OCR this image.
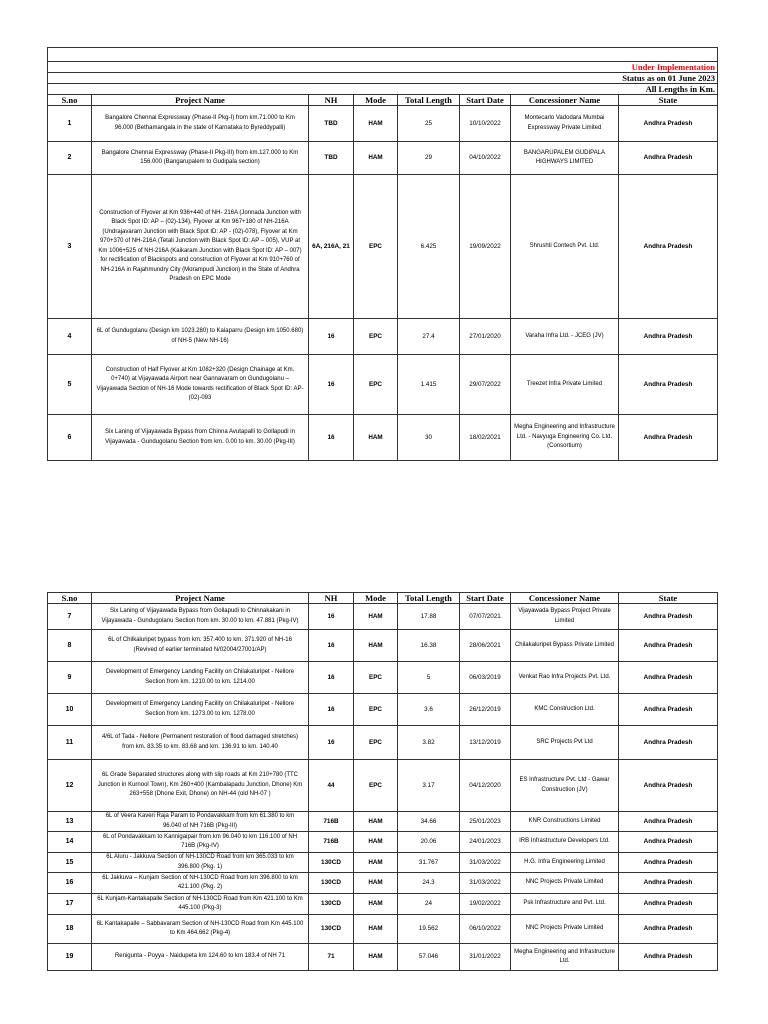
Under Implementation							
Status as on 01 June 2023							
All Lengths in Km.							
S.no	Project Name	NH	Mode	Total Length	Start Date	Concessioner Name	State
1	Bangalore Chennai Expressway (Phase-II Pkg-I) from km.71.000 to Km 96.000 (Bethamangala in the state of Karnataka to Byreddypalli)	TBD	HAM	25	10/10/2022	Montecarlo Vadodara Mumbai Expressway Private Limited	Andhra Pradesh
2	Bangalore Chennai Expressway (Phase-II Pkg-III) from km.127.000 to Km 156.000 (Bangarupalem to Gudipala section)	TBD	HAM	29	04/10/2022	BANGARUPALEM GUDIPALA HIGHWAYS LIMITED	Andhra Pradesh
3	Construction of Flyover at Km 936+440 of NH- 216A (Jonnada Junction with Black Spot ID: AP – (02)-134), Flyover at Km 967+180 of NH-216A (Undrajavaram Junction with Black Spot ID: AP - (02)-078), Flyover at Km 970+370 of NH-216A (Tetali Junction with Black Spot ID: AP – 005), VUP at Km 1006+525 of NH-216A (Kaikaram Junction with Black Spot ID: AP – 007) for rectification of Blackspots and construction of Flyover at Km 910+760 of NH-216A in Rajahmundry City (Morampudi Junction) in the State of Andhra Pradesh on EPC Mode	6A, 216A, 21	EPC	6.425	19/09/2022	Shrushti Contech Pvt. Ltd.	Andhra Pradesh
4	6L of Gundugolanu (Design km 1023.280) to Kalaparru (Design km 1050.680) of NH-5 (New NH-16)	16	EPC	27.4	27/01/2020	Varaha Infra Ltd. - JCEG (JV)	Andhra Pradesh
5	Construction of Half Flyover at Km 1082+320 (Design Chainage at Km. 0+740) at Vijayawada Airport near Gannavaram on Gundugolanu – Vijayawada Section of NH-16 Mode towards rectification of Black Spot ID: AP-(02)-093	16	EPC	1.415	29/07/2022	Treezet Infra Private Limited	Andhra Pradesh
6	Six Laning of Vijayawada Bypass from Chinna Avutapalli to Gollapudi in Vijayawada - Gundugolanu Section from km. 0.00 to km. 30.00 (Pkg-III)	16	HAM	30	18/02/2021	Megha Engineering and Infrastructure Ltd. - Navyuga Engineering Co. Ltd. (Consortium)	Andhra Pradesh
S.no	Project Name	NH	Mode	Total Length	Start Date	Concessioner Name	State
7	Six Laning of Vijayawada Bypass from Gollapudi to Chinnakakani in Vijayawada - Gundugolanu Section from km. 30.00 to km. 47.881 (Pkg-IV)	16	HAM	17.88	07/07/2021	Vijayawada Bypass Project Private Limited	Andhra Pradesh
8	6L of Chilkaluripet bypass from km. 357.400 to km. 371.920 of NH-16 (Revived of earlier terminated N/02004/27001/AP)	16	HAM	16.38	28/06/2021	Chilakaluripet Bypass Private Limited	Andhra Pradesh
9	Development of Emergency Landing Facility on Chilakaluripet - Nellore Section from km. 1210.00 to km. 1214.00	16	EPC	5	06/03/2019	Venkat Rao Infra Projects Pvt. Ltd.	Andhra Pradesh
10	Development of Emergency Landing Facility on Chilakaluripet - Nellore Section from km. 1273.00 to km. 1278.00	16	EPC	3.6	26/12/2019	KMC Construction Ltd.	Andhra Pradesh
11	4/6L of Tada - Nellore (Permanent restoration of flood damaged stretches) from km. 83.35 to km. 83.68 and km. 136.91 to km. 140.40	16	EPC	3.82	13/12/2019	SRC Projects Pvt Ltd	Andhra Pradesh
12	6L Grade Separated structures along with slip roads at Km 210+780 (TTC Junction in Kurnool Town), Km 260+400 (Kambalapadu Junction, Dhone) Km 263+558 (Dhone Exit, Dhone) on NH-44 (old NH-07 )	44	EPC	3.17	04/12/2020	ES Infrastructure Pvt. Ltd - Gawar Construction (JV)	Andhra Pradesh
13	6L of Veera Kaveri Raja Param to Pondavakkam from km 61.380 to km 96.040 of NH 716B (Pkg-III)	716B	HAM	34.66	25/01/2023	KNR Constructions Limited	Andhra Pradesh
14	6L of Pondavakkam to Kannigaipair from km 96.040 to km 116.100 of NH 716B (Pkg-IV)	716B	HAM	20.06	24/01/2023	IRB Infrastructure Developers Ltd.	Andhra Pradesh
15	6L Aluru - Jakkuva Section of NH-130CD Road from km 365.033 to km 396.800 (Pkg. 1)	130CD	HAM	31.767	31/03/2022	H.G. Infra Engineering Limited	Andhra Pradesh
16	6L Jakkuva – Kunjam Section of NH-130CD Road from km 396.800 to km 421.100 (Pkg. 2)	130CD	HAM	24.3	31/03/2022	NNC Projects Private Limited	Andhra Pradesh
17	6L Kunjam-Kantakapalle Section of NH-130CD Road from Km 421.100 to Km 445.100 (Pkg-3)	130CD	HAM	24	19/02/2022	Psk Infrastructure and Pvt. Ltd.	Andhra Pradesh
18	6L Kantakapalle – Sabbavaram Section of NH-130CD Road from Km 445.100 to Km 464.662 (Pkg-4)	130CD	HAM	19.562	06/10/2022	NNC Projects Private Limited	Andhra Pradesh
19	Renigunta - Poyya - Naidupeta km 124.60 to km 183.4 of NH 71	71	HAM	57.046	31/01/2022	Megha Engineering and Infrastructure Ltd.	Andhra Pradesh
